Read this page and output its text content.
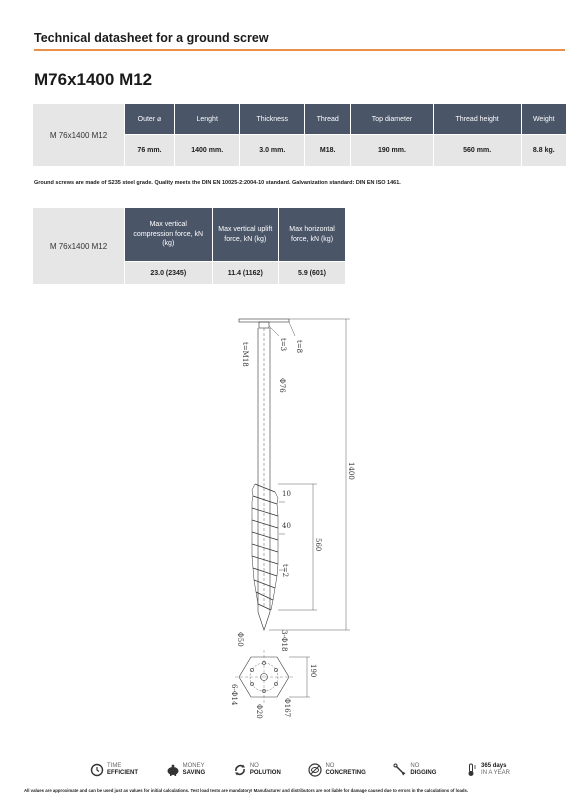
Technical datasheet for a ground screw
M76x1400 M12
M 76x1400 M12	Outer ⌀	Lenght	Thickness	Thread	Top diameter	Thread height	Weight
	76 mm.	1400 mm.	3.0 mm.	M18.	190 mm.	560 mm.	8.8 kg.
Ground screws are made of S235 steel grade. Quality meets the DIN EN 10025-2:2004-10 standard. Galvanization standard: DIN EN ISO 1461.
M 76x1400 M12	Max vertical compression force, kN (kg)	Max vertical uplift force, kN (kg)	Max horizontal force, kN (kg)
	23.0 (2345)	11.4 (1162)	5.9 (601)
t=8
t=3
t=M18
Φ76
1400
10
40
560
t=2
Φ50	3-Φ18
6-Φ14
190
Φ167
Φ20
TIME
EFFICIENT
MONEY
SAVING
NO
POLUTION
NO
CONCRETING
NO
DIGGING
365 days
IN A YEAR
All values are approximate and can be used just as values for initial calculations. Test load tests are mandatory! Manufacturer and distributors are not liable for damage caused due to errors in the calculations of loads.
